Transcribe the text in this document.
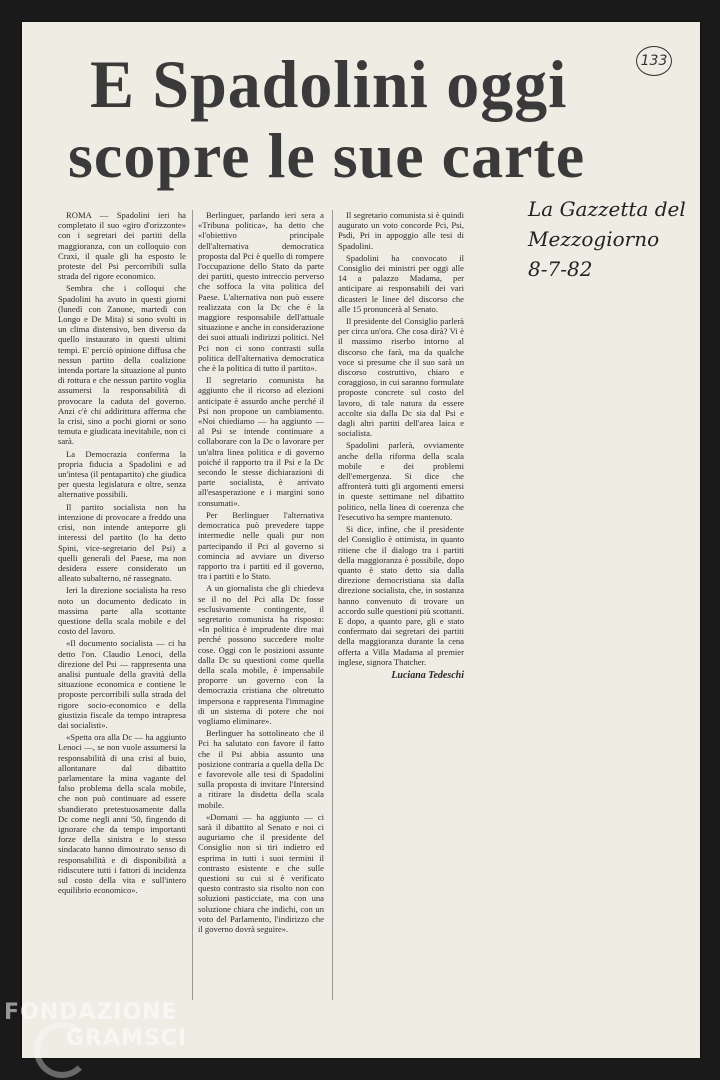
E Spadolini oggi
scopre le sue carte
133
La Gazzetta del
Mezzogiorno
8-7-82

ROMA — Spadolini ieri ha completato il suo «giro d'orizzonte» con i segretari dei partiti della maggioranza, con un colloquio con Craxi, il quale gli ha esposto le proteste del Psi percorribili sulla strada del rigore economico.

Sembra che i colloqui che Spadolini ha avuto in questi giorni (lunedì con Zanone, martedì con Longo e De Mita) si sono svolti in un clima distensivo, ben diverso da quello instaurato in questi ultimi tempi. E' perciò opinione diffusa che nessun partito della coalizione intenda portare la situazione al punto di rottura e che nessun partito voglia assumersi la responsabilità di provocare la caduta del governo. Anzi c'è chi addirittura afferma che la crisi, sino a pochi giorni or sono temuta e giudicata inevitabile, non ci sarà.

La Democrazia conferma la propria fiducia a Spadolini e ad un'intesa (il pentapartito) che giudica per questa legislatura e oltre, senza alternative possibili.

Il partito socialista non ha intenzione di provocare a freddo una crisi, non intende anteporre gli interessi del partito (lo ha detto Spini, vice-segretario del Psi) a quelli generali del Paese, ma non desidera essere considerato un alleato subalterno, né rassegnato.

Ieri la direzione socialista ha reso noto un documento dedicato in massima parte alla scottante questione della scala mobile e del costo del lavoro.

«Il documento socialista — ci ha detto l'on. Claudio Lenoci, della direzione del Psi — rappresenta una analisi puntuale della gravità della situazione economica e contiene le proposte percorribili sulla strada del rigore socio-economico e della giustizia fiscale da tempo intrapresa dai socialisti».

«Spetta ora alla Dc — ha aggiunto Lenoci —, se non vuole assumersi la responsabilità di una crisi al buio, allontanare dal dibattito parlamentare la mina vagante del falso problema della scala mobile, che non può continuare ad essere sbandierato pretestuosamente dalla Dc come negli anni '50, fingendo di ignorare che da tempo importanti forze della sinistra e lo stesso sindacato hanno dimostrato senso di responsabilità e di disponibilità a ridiscutere tutti i fattori di incidenza sul costo della vita e sull'intero equilibrio economico».

Berlinguer, parlando ieri sera a «Tribuna politica», ha detto che «l'obiettivo principale dell'alternativa democratica proposta dal Pci è quello di rompere l'occupazione dello Stato da parte dei partiti, questo intreccio perverso che soffoca la vita politica del Paese. L'alternativa non può essere realizzata con la Dc che è la maggiore responsabile dell'attuale situazione e anche in considerazione dei suoi attuali indirizzi politici. Nel Pci non ci sono contrasti sulla politica dell'alternativa democratica che è la politica di tutto il partito».

Il segretario comunista ha aggiunto che il ricorso ad elezioni anticipate è assurdo anche perché il Psi non propone un cambiamento. «Noi chiediamo — ha aggiunto — al Psi se intende continuare a collaborare con la Dc o lavorare per un'altra linea politica e di governo poiché il rapporto tra il Psi e la Dc secondo le stesse dichiarazioni di parte socialista, è arrivato all'esasperazione e i margini sono consumati».

Per Berlinguer l'alternativa democratica può prevedere tappe intermedie nelle quali pur non partecipando il Pci al governo si comincia ad avviare un diverso rapporto tra i partiti ed il governo, tra i partiti e lo Stato.

A un giornalista che gli chiedeva se il no del Pci alla Dc fosse esclusivamente contingente, il segretario comunista ha risposto: «In politica è imprudente dire mai perché possono succedere molte cose. Oggi con le posizioni assunte dalla Dc su questioni come quella della scala mobile, è impensabile proporre un governo con la democrazia cristiana che oltretutto impersona e rappresenta l'immagine di un sistema di potere che noi vogliamo eliminare».

Berlinguer ha sottolineato che il Pci ha salutato con favore il fatto che il Psi abbia assunto una posizione contraria a quella della Dc e favorevole alle tesi di Spadolini sulla proposta di invitare l'Intersind a ritirare la disdetta della scala mobile.

«Domani — ha aggiunto — ci sarà il dibattito al Senato e noi ci auguriamo che il presidente del Consiglio non si tiri indietro ed esprima in tutti i suoi termini il contrasto esistente e che sulle questioni su cui si è verificato questo contrasto sia risolto non con soluzioni pasticciate, ma con una soluzione chiara che indichi, con un voto del Parlamento, l'indirizzo che il governo dovrà seguire».

Il segretario comunista si è quindi augurato un voto concorde Pci, Psi, Psdi, Pri in appoggio alle tesi di Spadolini.

Spadolini ha convocato il Consiglio dei ministri per oggi alle 14 a palazzo Madama, per anticipare ai responsabili dei vari dicasteri le linee del discorso che alle 15 pronuncerà al Senato.

Il presidente del Consiglio parlerà per circa un'ora. Che cosa dirà? Vi è il massimo riserbo intorno al discorso che farà, ma da qualche voce si presume che il suo sarà un discorso costruttivo, chiaro e coraggioso, in cui saranno formulate proposte concrete sul costo del lavoro, di tale natura da essere accolte sia dalla Dc sia dal Psi e dagli altri partiti dell'area laica e socialista.

Spadolini parlerà, ovviamente anche della riforma della scala mobile e dei problemi dell'emergenza. Si dice che affronterà tutti gli argomenti emersi in queste settimane nel dibattito politico, nella linea di coerenza che l'esecutivo ha sempre mantenuto.

Si dice, infine, che il presidente del Consiglio è ottimista, in quanto ritiene che il dialogo tra i partiti della maggioranza è possibile, dopo quanto è stato detto sia dalla direzione democristiana sia dalla direzione socialista, che, in sostanza hanno convenuto di trovare un accordo sulle questioni più scottanti. E dopo, a quanto pare, gli e stato confermato dai segretari dei partiti della maggioranza durante la cena offerta a Villa Madama al premier inglese, signora Thatcher.

Luciana Tedeschi
FONDAZIONE
GRAMSCI
